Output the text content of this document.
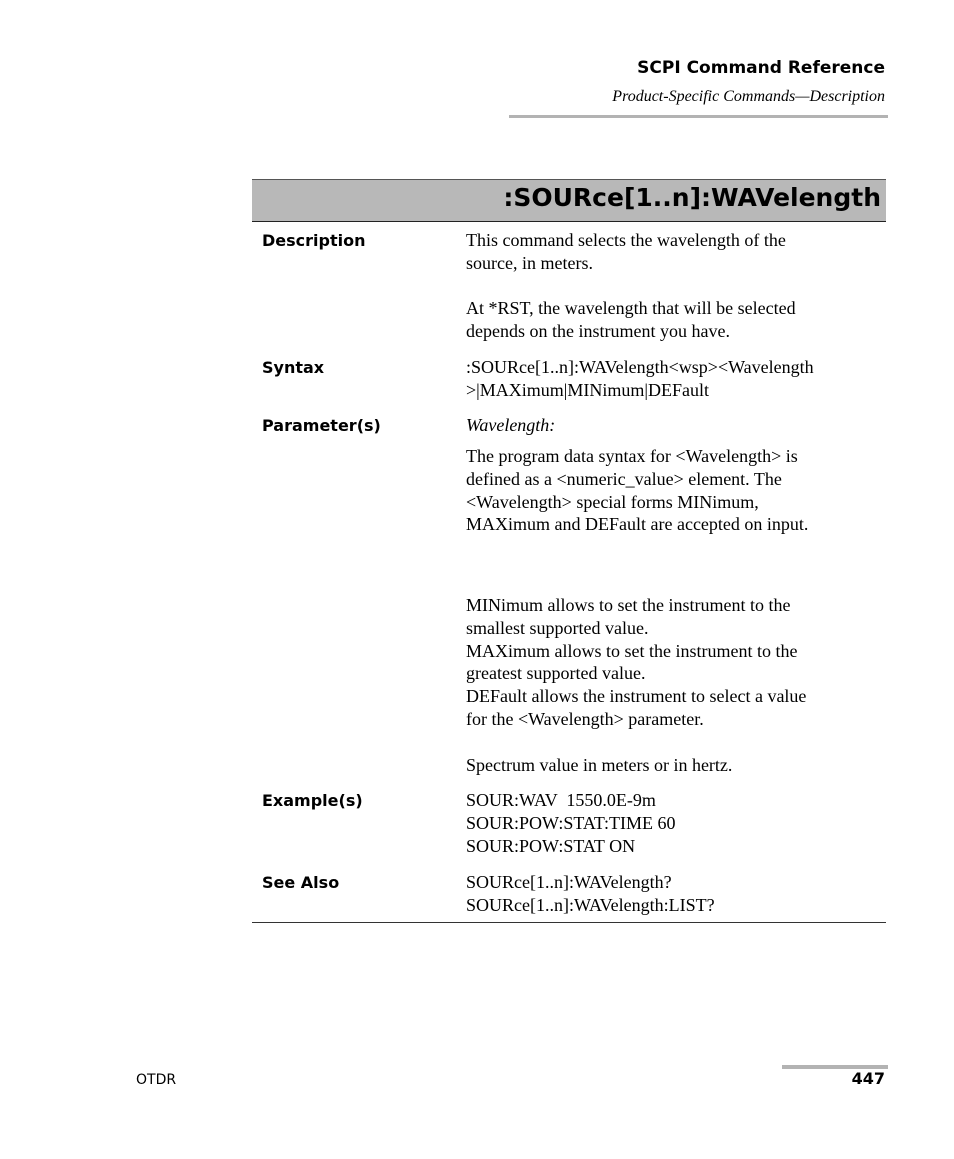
SCPI Command Reference
Product-Specific Commands—Description
:SOURce[1..n]:WAVelength
Description	This command selects the wavelength of the
source, in meters.
At *RST, the wavelength that will be selected
depends on the instrument you have.
Syntax	:SOURce[1..n]:WAVelength<wsp><Wavelength
>|MAXimum|MINimum|DEFault
Parameter(s)	Wavelength:
The program data syntax for <Wavelength> is
defined as a <numeric_value> element. The
<Wavelength> special forms MINimum,
MAXimum and DEFault are accepted on input.
MINimum allows to set the instrument to the
smallest supported value.
MAXimum allows to set the instrument to the
greatest supported value.
DEFault allows the instrument to select a value
for the <Wavelength> parameter.
Spectrum value in meters or in hertz.
Example(s)	SOUR:WAV  1550.0E-9m
SOUR:POW:STAT:TIME 60
SOUR:POW:STAT ON
See Also	SOURce[1..n]:WAVelength?
SOURce[1..n]:WAVelength:LIST?
OTDR	447
